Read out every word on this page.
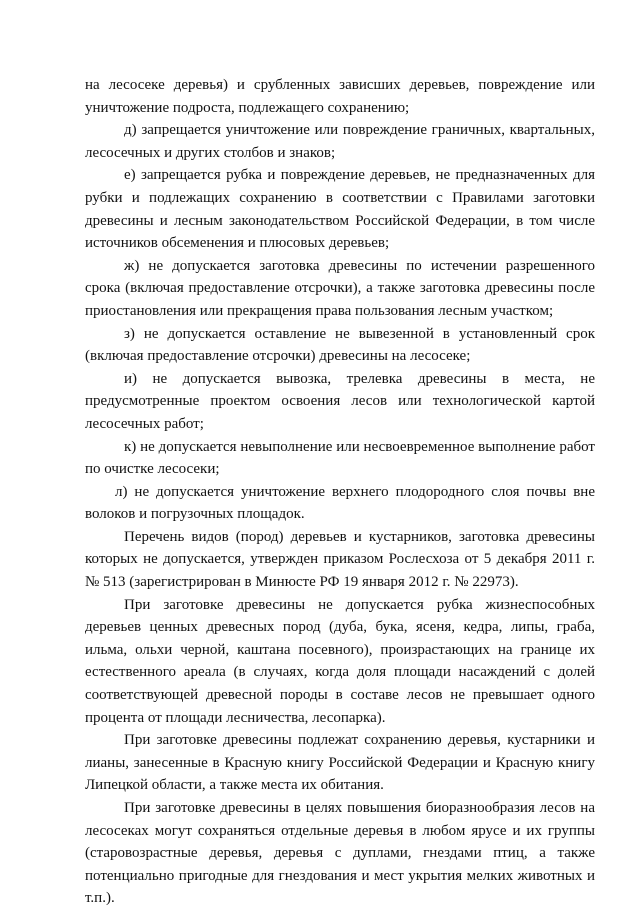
на лесосеке деревья) и срубленных зависших деревьев, повреждение или уничтожение подроста, подлежащего сохранению;

д) запрещается уничтожение или повреждение граничных, квартальных, лесосечных и других столбов и знаков;

е) запрещается рубка и повреждение деревьев, не предназначенных для рубки и подлежащих сохранению в соответствии с Правилами заготовки древесины и лесным законодательством Российской Федерации, в том числе источников обсеменения и плюсовых деревьев;

ж) не допускается заготовка древесины по истечении разрешенного срока (включая предоставление отсрочки), а также заготовка древесины после приостановления или прекращения права пользования лесным участком;

з) не допускается оставление не вывезенной в установленный срок (включая предоставление отсрочки) древесины на лесосеке;

и) не допускается вывозка, трелевка древесины в места, не предусмотренные проектом освоения лесов или технологической картой лесосечных работ;

к) не допускается невыполнение или несвоевременное выполнение работ по очистке лесосеки;

л) не допускается уничтожение верхнего плодородного слоя почвы вне волоков и погрузочных площадок.

Перечень видов (пород) деревьев и кустарников, заготовка древесины которых не допускается, утвержден приказом Рослесхоза от 5 декабря 2011 г. № 513 (зарегистрирован в Минюсте РФ 19 января 2012 г. № 22973).

При заготовке древесины не допускается рубка жизнеспособных деревьев ценных древесных пород (дуба, бука, ясеня, кедра, липы, граба, ильма, ольхи черной, каштана посевного), произрастающих на границе их естественного ареала (в случаях, когда доля площади насаждений с долей соответствующей древесной породы в составе лесов не превышает одного процента от площади лесничества, лесопарка).

При заготовке древесины подлежат сохранению деревья, кустарники и лианы, занесенные в Красную книгу Российской Федерации и Красную книгу Липецкой области, а также места их обитания.

При заготовке древесины в целях повышения биоразнообразия лесов на лесосеках могут сохраняться отдельные деревья в любом ярусе и их группы (старовозрастные деревья, деревья с дуплами, гнездами птиц, а также потенциально пригодные для гнездования и мест укрытия мелких животных и т.п.).
